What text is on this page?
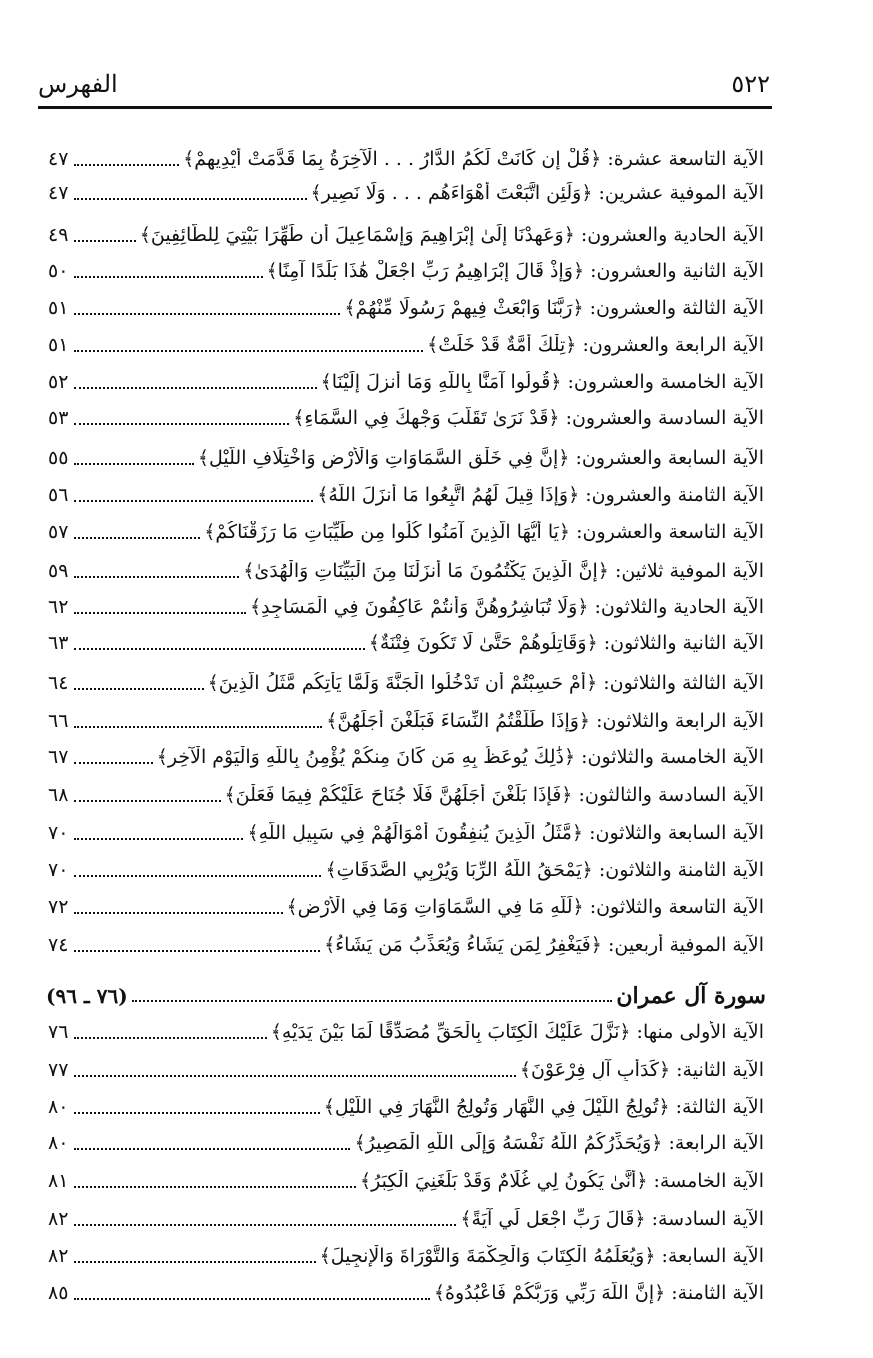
٥٢٢
الفهرس
٤٧	الآية التاسعة عشرة: ﴿قُلْ إِن كَانَتْ لَكُمُ الدَّارُ . . . الْآخِرَةُ بِمَا قَدَّمَتْ أَيْدِيهِمْ﴾
٤٧	الآية الموفية عشرين: ﴿وَلَئِنِ اتَّبَعْتَ أَهْوَاءَهُم . . . وَلَا نَصِيرٍ﴾
٤٩	الآية الحادية والعشرون: ﴿وَعَهِدْنَا إِلَىٰ إِبْرَاهِيمَ وَإِسْمَاعِيلَ أَن طَهِّرَا بَيْتِيَ لِلطَّائِفِينَ﴾
٥٠	الآية الثانية والعشرون: ﴿وَإِذْ قَالَ إِبْرَاهِيمُ رَبِّ اجْعَلْ هَٰذَا بَلَدًا آمِنًا﴾
٥١	الآية الثالثة والعشرون: ﴿رَبَّنَا وَابْعَثْ فِيهِمْ رَسُولًا مِّنْهُمْ﴾
٥١	الآية الرابعة والعشرون: ﴿تِلْكَ أُمَّةٌ قَدْ خَلَتْ﴾
٥٢	الآية الخامسة والعشرون: ﴿قُولُوا آمَنَّا بِاللَّهِ وَمَا أُنزِلَ إِلَيْنَا﴾
٥٣	الآية السادسة والعشرون: ﴿قَدْ نَرَىٰ تَقَلُّبَ وَجْهِكَ فِي السَّمَاءِ﴾
٥٥	الآية السابعة والعشرون: ﴿إِنَّ فِي خَلْقِ السَّمَاوَاتِ وَالْأَرْضِ وَاخْتِلَافِ اللَّيْلِ﴾
٥٦	الآية الثامنة والعشرون: ﴿وَإِذَا قِيلَ لَهُمُ اتَّبِعُوا مَا أَنزَلَ اللَّهُ﴾
٥٧	الآية التاسعة والعشرون: ﴿يَا أَيُّهَا الَّذِينَ آمَنُوا كُلُوا مِن طَيِّبَاتِ مَا رَزَقْنَاكُمْ﴾
٥٩	الآية الموفية ثلاثين: ﴿إِنَّ الَّذِينَ يَكْتُمُونَ مَا أَنزَلْنَا مِنَ الْبَيِّنَاتِ وَالْهُدَىٰ﴾
٦٢	الآية الحادية والثلاثون: ﴿وَلَا تُبَاشِرُوهُنَّ وَأَنتُمْ عَاكِفُونَ فِي الْمَسَاجِدِ﴾
٦٣	الآية الثانية والثلاثون: ﴿وَقَاتِلُوهُمْ حَتَّىٰ لَا تَكُونَ فِتْنَةٌ﴾
٦٤	الآية الثالثة والثلاثون: ﴿أَمْ حَسِبْتُمْ أَن تَدْخُلُوا الْجَنَّةَ وَلَمَّا يَأْتِكُم مَّثَلُ الَّذِينَ﴾
٦٦	الآية الرابعة والثلاثون: ﴿وَإِذَا طَلَّقْتُمُ النِّسَاءَ فَبَلَغْنَ أَجَلَهُنَّ﴾
٦٧	الآية الخامسة والثلاثون: ﴿ذَٰلِكَ يُوعَظُ بِهِ مَن كَانَ مِنكُمْ يُؤْمِنُ بِاللَّهِ وَالْيَوْمِ الْآخِرِ﴾
٦٨	الآية السادسة والثالثون: ﴿فَإِذَا بَلَغْنَ أَجَلَهُنَّ فَلَا جُنَاحَ عَلَيْكُمْ فِيمَا فَعَلْنَ﴾
٧٠	الآية السابعة والثلاثون: ﴿مَّثَلُ الَّذِينَ يُنفِقُونَ أَمْوَالَهُمْ فِي سَبِيلِ اللَّهِ﴾
٧٠	الآية الثامنة والثلاثون: ﴿يَمْحَقُ اللَّهُ الرِّبَا وَيُرْبِي الصَّدَقَاتِ﴾
٧٢	الآية التاسعة والثلاثون: ﴿لِّلَّهِ مَا فِي السَّمَاوَاتِ وَمَا فِي الْأَرْضِ﴾
٧٤	الآية الموفية أربعين: ﴿فَيَغْفِرُ لِمَن يَشَاءُ وَيُعَذِّبُ مَن يَشَاءُ﴾
(٧٦ ـ ٩٦)	سورة آل عمران
٧٦	الآية الأولى منها: ﴿نَزَّلَ عَلَيْكَ الْكِتَابَ بِالْحَقِّ مُصَدِّقًا لِّمَا بَيْنَ يَدَيْهِ﴾
٧٧	الآية الثانية: ﴿كَدَأْبِ آلِ فِرْعَوْنَ﴾
٨٠	الآية الثالثة: ﴿تُولِجُ اللَّيْلَ فِي النَّهَارِ وَتُولِجُ النَّهَارَ فِي اللَّيْلِ﴾
٨٠	الآية الرابعة: ﴿وَيُحَذِّرُكُمُ اللَّهُ نَفْسَهُ وَإِلَى اللَّهِ الْمَصِيرُ﴾
٨١	الآية الخامسة: ﴿أَنَّىٰ يَكُونُ لِي غُلَامٌ وَقَدْ بَلَغَنِيَ الْكِبَرُ﴾
٨٢	الآية السادسة: ﴿قَالَ رَبِّ اجْعَل لِّي آيَةً﴾
٨٢	الآية السابعة: ﴿وَيُعَلِّمُهُ الْكِتَابَ وَالْحِكْمَةَ وَالتَّوْرَاةَ وَالْإِنجِيلَ﴾
٨٥	الآية الثامنة: ﴿إِنَّ اللَّهَ رَبِّي وَرَبُّكُمْ فَاعْبُدُوهُ﴾
